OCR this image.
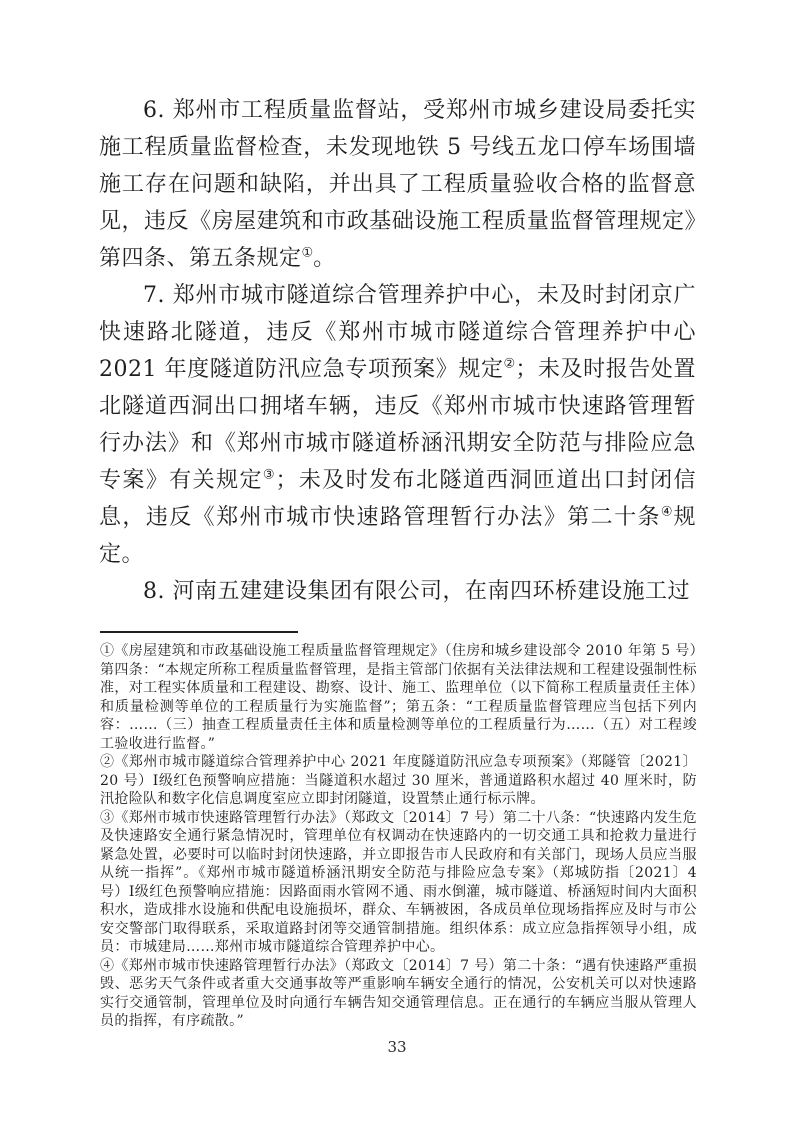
6. 郑州市工程质量监督站，受郑州市城乡建设局委托实施工程质量监督检查，未发现地铁 5 号线五龙口停车场围墙施工存在问题和缺陷，并出具了工程质量验收合格的监督意见，违反《房屋建筑和市政基础设施工程质量监督管理规定》第四条、第五条规定①。

7. 郑州市城市隧道综合管理养护中心，未及时封闭京广快速路北隧道，违反《郑州市城市隧道综合管理养护中心 2021 年度隧道防汛应急专项预案》规定②；未及时报告处置北隧道西洞出口拥堵车辆，违反《郑州市城市快速路管理暂行办法》和《郑州市城市隧道桥涵汛期安全防范与排险应急专案》有关规定③；未及时发布北隧道西洞匝道出口封闭信息，违反《郑州市城市快速路管理暂行办法》第二十条④规定。

8. 河南五建建设集团有限公司，在南四环桥建设施工过

①《房屋建筑和市政基础设施工程质量监督管理规定》（住房和城乡建设部令 2010 年第 5 号）第四条：“本规定所称工程质量监督管理，是指主管部门依据有关法律法规和工程建设强制性标准，对工程实体质量和工程建设、勘察、设计、施工、监理单位（以下简称工程质量责任主体）和质量检测等单位的工程质量行为实施监督”；第五条：“工程质量监督管理应当包括下列内容：……（三）抽查工程质量责任主体和质量检测等单位的工程质量行为……（五）对工程竣工验收进行监督。”

②《郑州市城市隧道综合管理养护中心 2021 年度隧道防汛应急专项预案》（郑隧管〔2021〕20 号）Ⅰ级红色预警响应措施：当隧道积水超过 30 厘米，普通道路积水超过 40 厘米时，防汛抢险队和数字化信息调度室应立即封闭隧道，设置禁止通行标示牌。

③《郑州市城市快速路管理暂行办法》（郑政文〔2014〕7 号）第二十八条：“快速路内发生危及快速路安全通行紧急情况时，管理单位有权调动在快速路内的一切交通工具和抢救力量进行紧急处置，必要时可以临时封闭快速路，并立即报告市人民政府和有关部门，现场人员应当服从统一指挥”。《郑州市城市隧道桥涵汛期安全防范与排险应急专案》（郑城防指〔2021〕4 号）Ⅰ级红色预警响应措施：因路面雨水管网不通、雨水倒灌，城市隧道、桥涵短时间内大面积积水，造成排水设施和供配电设施损坏，群众、车辆被困，各成员单位现场指挥应及时与市公安交警部门取得联系，采取道路封闭等交通管制措施。组织体系：成立应急指挥领导小组，成员：市城建局……郑州市城市隧道综合管理养护中心。

④《郑州市城市快速路管理暂行办法》（郑政文〔2014〕7 号）第二十条：“遇有快速路严重损毁、恶劣天气条件或者重大交通事故等严重影响车辆安全通行的情况，公安机关可以对快速路实行交通管制，管理单位及时向通行车辆告知交通管理信息。正在通行的车辆应当服从管理人员的指挥，有序疏散。”

33
